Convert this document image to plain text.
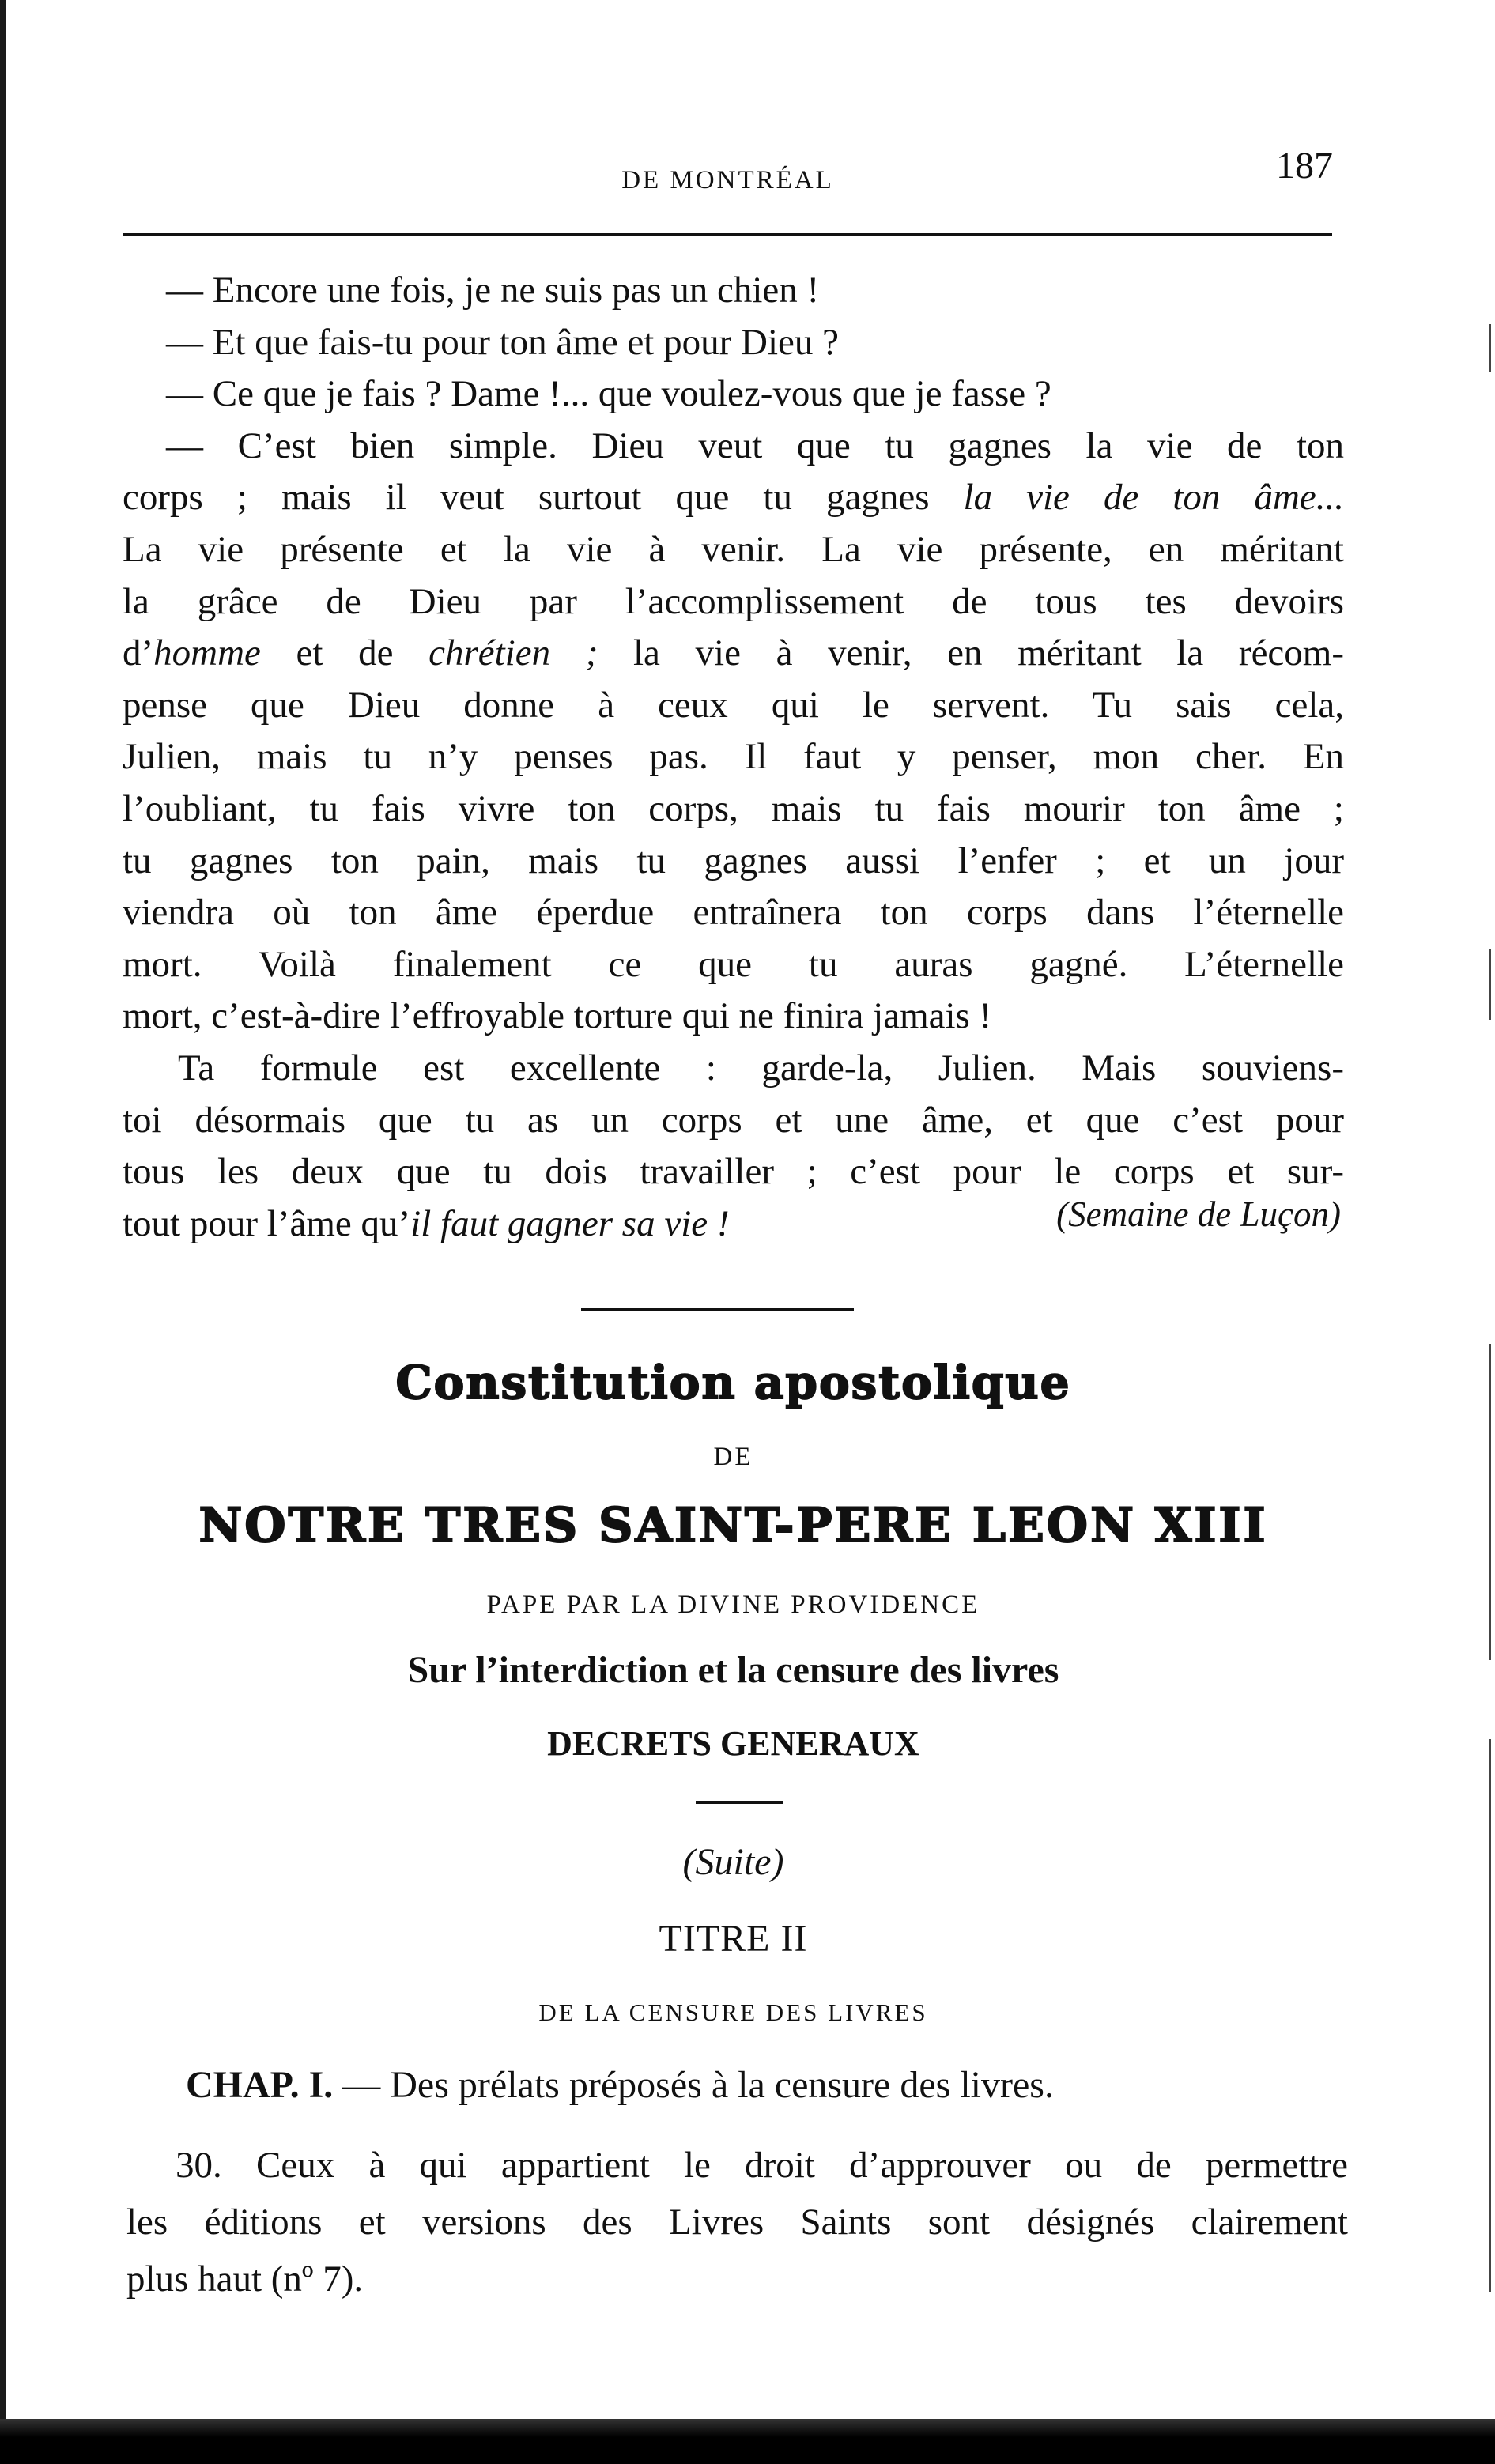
DE MONTRÉAL	187
— Encore une fois, je ne suis pas un chien !
— Et que fais-tu pour ton âme et pour Dieu ?
— Ce que je fais ? Dame !... que voulez-vous que je fasse ?
— C’est bien simple. Dieu veut que tu gagnes la vie de ton
corps ; mais il veut surtout que tu gagnes la vie de ton âme...
La vie présente et la vie à venir. La vie présente, en méritant
la grâce de Dieu par l’accomplissement de tous tes devoirs
d’homme et de chrétien ; la vie à venir, en méritant la récom-
pense que Dieu donne à ceux qui le servent. Tu sais cela,
Julien, mais tu n’y penses pas. Il faut y penser, mon cher. En
l’oubliant, tu fais vivre ton corps, mais tu fais mourir ton âme ;
tu gagnes ton pain, mais tu gagnes aussi l’enfer ; et un jour
viendra où ton âme éperdue entraînera ton corps dans l’éternelle
mort. Voilà finalement ce que tu auras gagné. L’éternelle
mort, c’est-à-dire l’effroyable torture qui ne finira jamais !
Ta formule est excellente : garde-la, Julien. Mais souviens-
toi désormais que tu as un corps et une âme, et que c’est pour
tous les deux que tu dois travailler ; c’est pour le corps et sur-
tout pour l’âme qu’il faut gagner sa vie !	(Semaine de Luçon)
Constitution apostolique
DE
NOTRE TRES SAINT-PERE LEON XIII
PAPE PAR LA DIVINE PROVIDENCE
Sur l’interdiction et la censure des livres
DECRETS GENERAUX
(Suite)
TITRE II
DE LA CENSURE DES LIVRES
CHAP. I. — Des prélats préposés à la censure des livres.
30. Ceux à qui appartient le droit d’approuver ou de permettre
les éditions et versions des Livres Saints sont désignés clairement
plus haut (nº 7).
